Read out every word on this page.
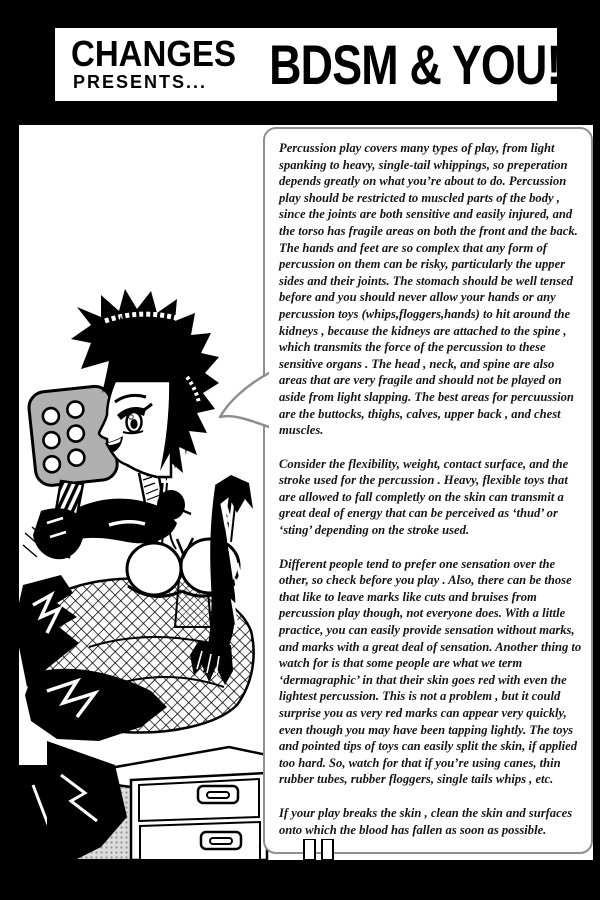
CHANGES
PRESENTS...	BDSM & YOU!

Percussion play covers many types of play, from light spanking to heavy, single-tail whippings, so preperation depends greatly on what you’re about to do. Percussion play should be restricted to muscled parts of the body , since the joints are both sensitive and easily injured, and the torso has fragile areas on both the front and the back. The hands and feet are so complex that any form of percussion on them can be risky, particularly the upper sides and their joints. The stomach should be well tensed before and you should never allow your hands or any percussion toys (whips,floggers,hands) to hit around the kidneys , because the kidneys are attached to the spine , which transmits the force of the percussion to these sensitive organs . The head , neck, and spine are also areas that are very fragile and should not be played on aside from light slapping. The best areas for percuussion are the buttocks, thighs, calves, upper back , and chest muscles.

Consider the flexibility, weight, contact surface, and the stroke used for the percussion . Heavy, flexible toys that are allowed to fall completly on the skin can transmit a great deal of energy that can be perceived as ‘thud’ or ‘sting’ depending on the stroke used.

Different people tend to prefer one sensation over the other, so check before you play . Also, there can be those that like to leave marks like cuts and bruises from percussion play though, not everyone does. With a little practice, you can easily provide sensation without marks, and marks with a great deal of sensation. Another thing to watch for is that some people are what we term ‘dermagraphic’ in that their skin goes red with even the lightest percussion. This is not a problem , but it could surprise you as very red marks can appear very quickly, even though you may have been tapping lightly. The toys and pointed tips of toys can easily split the skin, if applied too hard. So, watch for that if you’re using canes, thin rubber tubes, rubber floggers, single tails whips , etc.

If your play breaks the skin , clean the skin and surfaces onto which the blood has fallen as soon as possible.
